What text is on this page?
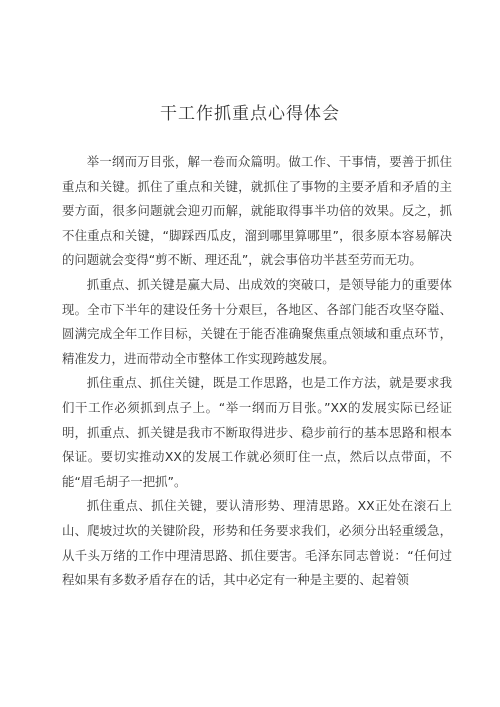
干工作抓重点心得体会

举一纲而万目张，解一卷而众篇明。做工作、干事情，要善于抓住重点和关键。抓住了重点和关键，就抓住了事物的主要矛盾和矛盾的主要方面，很多问题就会迎刃而解，就能取得事半功倍的效果。反之，抓不住重点和关键，“脚踩西瓜皮，溜到哪里算哪里”，很多原本容易解决的问题就会变得“剪不断、理还乱”，就会事倍功半甚至劳而无功。

抓重点、抓关键是赢大局、出成效的突破口，是领导能力的重要体现。全市下半年的建设任务十分艰巨，各地区、各部门能否攻坚夺隘、圆满完成全年工作目标，关键在于能否准确聚焦重点领域和重点环节，精准发力，进而带动全市整体工作实现跨越发展。

抓住重点、抓住关键，既是工作思路，也是工作方法，就是要求我们干工作必须抓到点子上。“举一纲而万目张。”XX的发展实际已经证明，抓重点、抓关键是我市不断取得进步、稳步前行的基本思路和根本保证。要切实推动XX的发展工作就必须盯住一点，然后以点带面，不能“眉毛胡子一把抓”。

抓住重点、抓住关键，要认清形势、理清思路。XX正处在滚石上山、爬坡过坎的关键阶段，形势和任务要求我们，必须分出轻重缓急，从千头万绪的工作中理清思路、抓住要害。毛泽东同志曾说：“任何过程如果有多数矛盾存在的话，其中必定有一种是主要的、起着领
